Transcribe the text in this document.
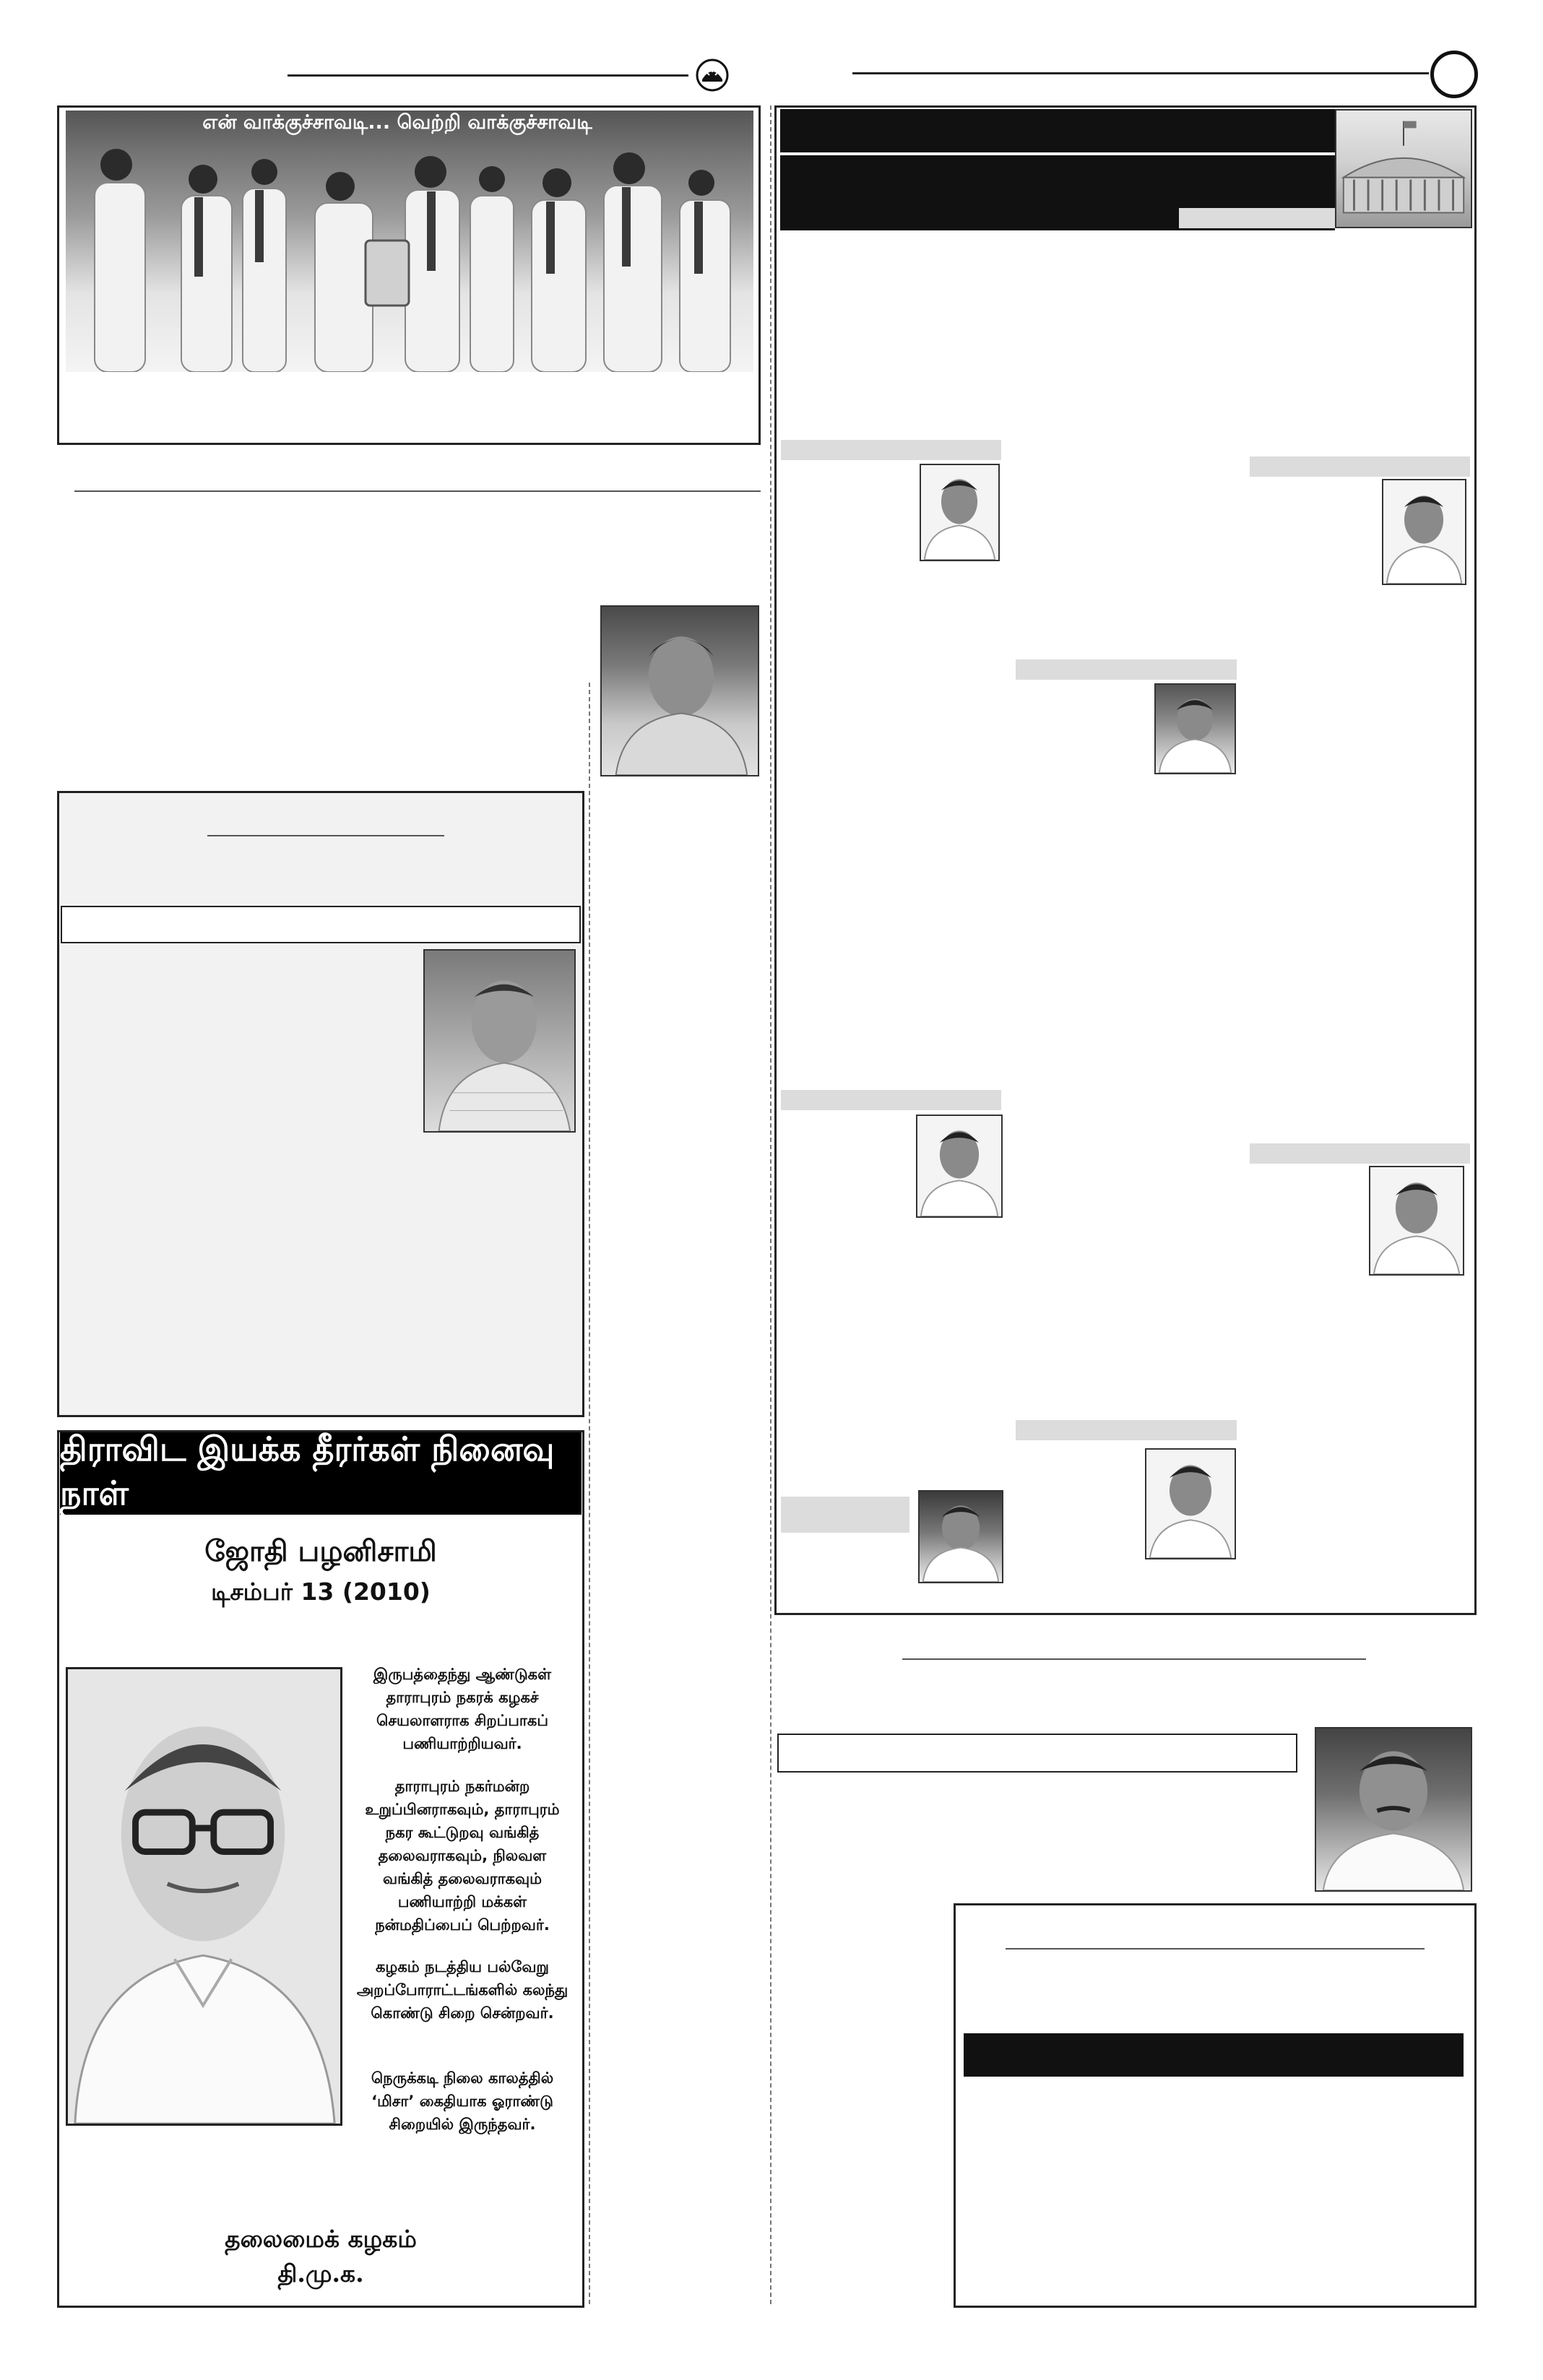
என் வாக்குச்சாவடி... வெற்றி வாக்குச்சாவடி
திராவிட இயக்க தீரர்கள் நினைவு நாள்
ஜோதி பழனிசாமி
டிசம்பர் 13 (2010)
இருபத்தைந்து ஆண்டுகள் தாராபுரம் நகரக் கழகச் செயலாளராக சிறப்பாகப் பணியாற்றியவர்.
தாராபுரம் நகர்மன்ற உறுப்பினராகவும், தாராபுரம் நகர கூட்டுறவு வங்கித் தலைவராகவும், நிலவள வங்கித் தலைவராகவும் பணியாற்றி மக்கள் நன்மதிப்பைப் பெற்றவர்.
கழகம் நடத்திய பல்வேறு அறப்போராட்டங்களில் கலந்து கொண்டு சிறை சென்றவர்.
நெருக்கடி நிலை காலத்தில் ‘மிசா’ கைதியாக ஓராண்டு சிறையில் இருந்தவர்.
தலைமைக் கழகம்
தி.மு.க.
